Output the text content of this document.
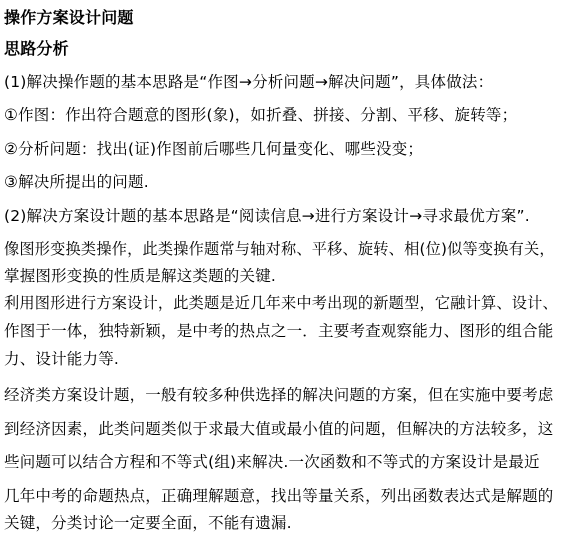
操作方案设计问题
思路分析
(1)解决操作题的基本思路是“作图→分析问题→解决问题”，具体做法：
①作图：作出符合题意的图形(象)，如折叠、拼接、分割、平移、旋转等；
②分析问题：找出(证)作图前后哪些几何量变化、哪些没变；
③解决所提出的问题.
(2)解决方案设计题的基本思路是“阅读信息→进行方案设计→寻求最优方案”.
像图形变换类操作，此类操作题常与轴对称、平移、旋转、相(位)似等变换有关，
掌握图形变换的性质是解这类题的关键.
利用图形进行方案设计，此类题是近几年来中考出现的新题型，它融计算、设计、
作图于一体，独特新颖，是中考的热点之一．主要考查观察能力、图形的组合能
力、设计能力等.
经济类方案设计题，一般有较多种供选择的解决问题的方案，但在实施中要考虑
到经济因素，此类问题类似于求最大值或最小值的问题，但解决的方法较多，这
些问题可以结合方程和不等式(组)来解决.一次函数和不等式的方案设计是最近
几年中考的命题热点，正确理解题意，找出等量关系，列出函数表达式是解题的
关键，分类讨论一定要全面，不能有遗漏.
